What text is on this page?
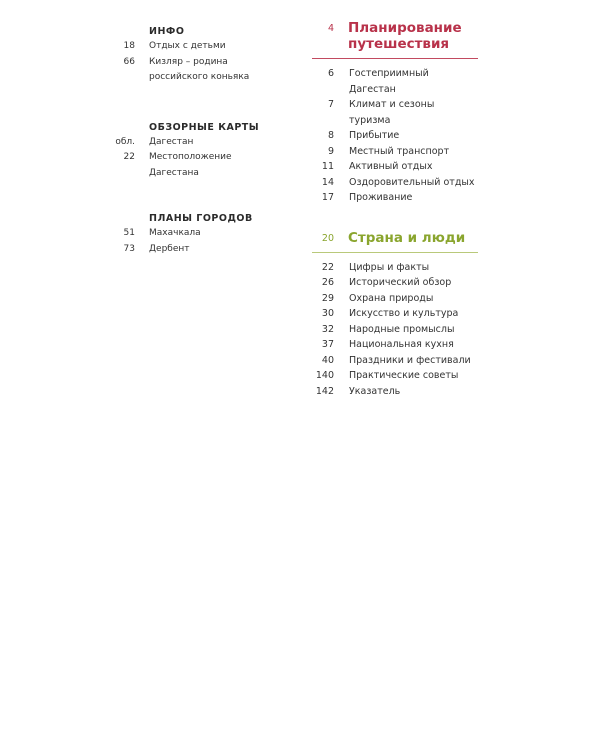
ИНФО
18 Отдых с детьми
66 Кизляр – родина российского коньяка
ОБЗОРНЫЕ КАРТЫ
обл. Дагестан
22 Местоположение Дагестана
ПЛАНЫ ГОРОДОВ
51 Махачкала
73 Дербент
4 Планирование путешествия
6 Гостеприимный Дагестан
7 Климат и сезоны туризма
8 Прибытие
9 Местный транспорт
11 Активный отдых
14 Оздоровительный отдых
17 Проживание
20 Страна и люди
22 Цифры и факты
26 Исторический обзор
29 Охрана природы
30 Искусство и культура
32 Народные промыслы
37 Национальная кухня
40 Праздники и фестивали
140 Практические советы
142 Указатель
